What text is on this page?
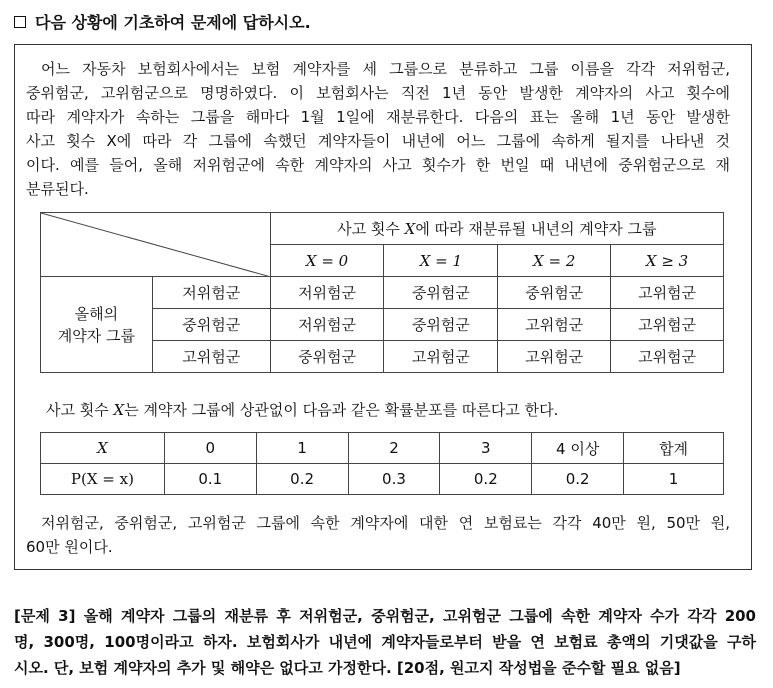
다음 상황에 기초하여 문제에 답하시오.
어느 자동차 보험회사에서는 보험 계약자를 세 그룹으로 분류하고 그룹 이름을 각각 저위험군,
중위험군, 고위험군으로 명명하였다. 이 보험회사는 직전 1년 동안 발생한 계약자의 사고 횟수에
따라 계약자가 속하는 그룹을 해마다 1월 1일에 재분류한다. 다음의 표는 올해 1년 동안 발생한
사고 횟수 X에 따라 각 그룹에 속했던 계약자들이 내년에 어느 그룹에 속하게 될지를 나타낸 것
이다. 예를 들어, 올해 저위험군에 속한 계약자의 사고 횟수가 한 번일 때 내년에 중위험군으로 재
분류된다.
	사고 횟수 X에 따라 재분류될 내년의 계약자 그룹			
		X = 0	X = 1	X = 2	X ≥ 3
올해의
계약자 그룹	저위험군	저위험군	중위험군	중위험군	고위험군
	중위험군	저위험군	중위험군	고위험군	고위험군
	고위험군	중위험군	고위험군	고위험군	고위험군
사고 횟수 X는 계약자 그룹에 상관없이 다음과 같은 확률분포를 따른다고 한다.
X	0	1	2	3	4 이상	합계
P(X = x)	0.1	0.2	0.3	0.2	0.2	1
저위험군, 중위험군, 고위험군 그룹에 속한 계약자에 대한 연 보험료는 각각 40만 원, 50만 원,
60만 원이다.
[문제 3] 올해 계약자 그룹의 재분류 후 저위험군, 중위험군, 고위험군 그룹에 속한 계약자 수가 각각 200
명, 300명, 100명이라고 하자. 보험회사가 내년에 계약자들로부터 받을 연 보험료 총액의 기댓값을 구하
시오. 단, 보험 계약자의 추가 및 해약은 없다고 가정한다. [20점, 원고지 작성법을 준수할 필요 없음]
